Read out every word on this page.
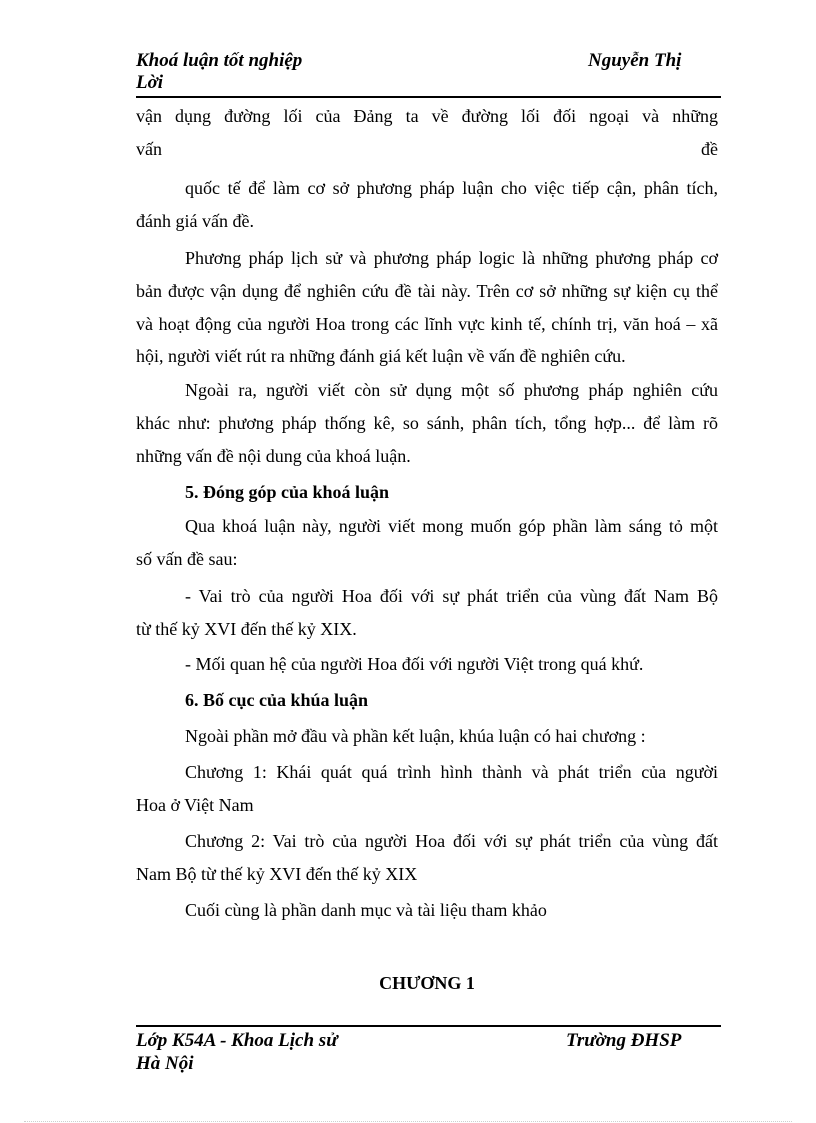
Khoá luận tốt nghiệp	Nguyễn Thị
Lời
vận dụng đường lối của Đảng ta về đường lối đối ngoại và những
vấn đề
quốc tế để làm cơ sở phương pháp luận cho việc tiếp cận, phân tích,
đánh giá vấn đề.
Phương pháp lịch sử và phương pháp logic là những phương pháp cơ
bản được vận dụng để nghiên cứu đề tài này. Trên cơ sở những sự kiện cụ thể
và hoạt động của người Hoa trong các lĩnh vực kinh tế, chính trị, văn hoá – xã
hội, người viết rút ra những đánh giá kết luận về vấn đề nghiên cứu.
Ngoài ra, người viết còn sử dụng một số phương pháp nghiên cứu
khác như: phương pháp thống kê, so sánh, phân tích, tổng hợp... để làm rõ
những vấn đề nội dung của khoá luận.
5. Đóng góp của khoá luận
Qua khoá luận này, người viết mong muốn góp phần làm sáng tỏ một
số vấn đề sau:
- Vai trò của người Hoa đối với sự phát triển của vùng đất Nam Bộ
từ thế kỷ XVI đến thế kỷ XIX.
- Mối quan hệ của người Hoa đối với người Việt trong quá khứ.
6. Bố cục của khúa luận
Ngoài phần mở đầu và phần kết luận, khúa luận có hai chương :
Chương 1: Khái quát quá trình hình thành và phát triển của người
Hoa ở Việt Nam
Chương 2: Vai trò của người Hoa đối với sự phát triển của vùng đất
Nam Bộ từ thế kỷ XVI đến thế kỷ XIX
Cuối cùng là phần danh mục và tài liệu tham khảo
CHƯƠNG 1
Lớp K54A - Khoa Lịch sử	Trường ĐHSP
Hà Nội
